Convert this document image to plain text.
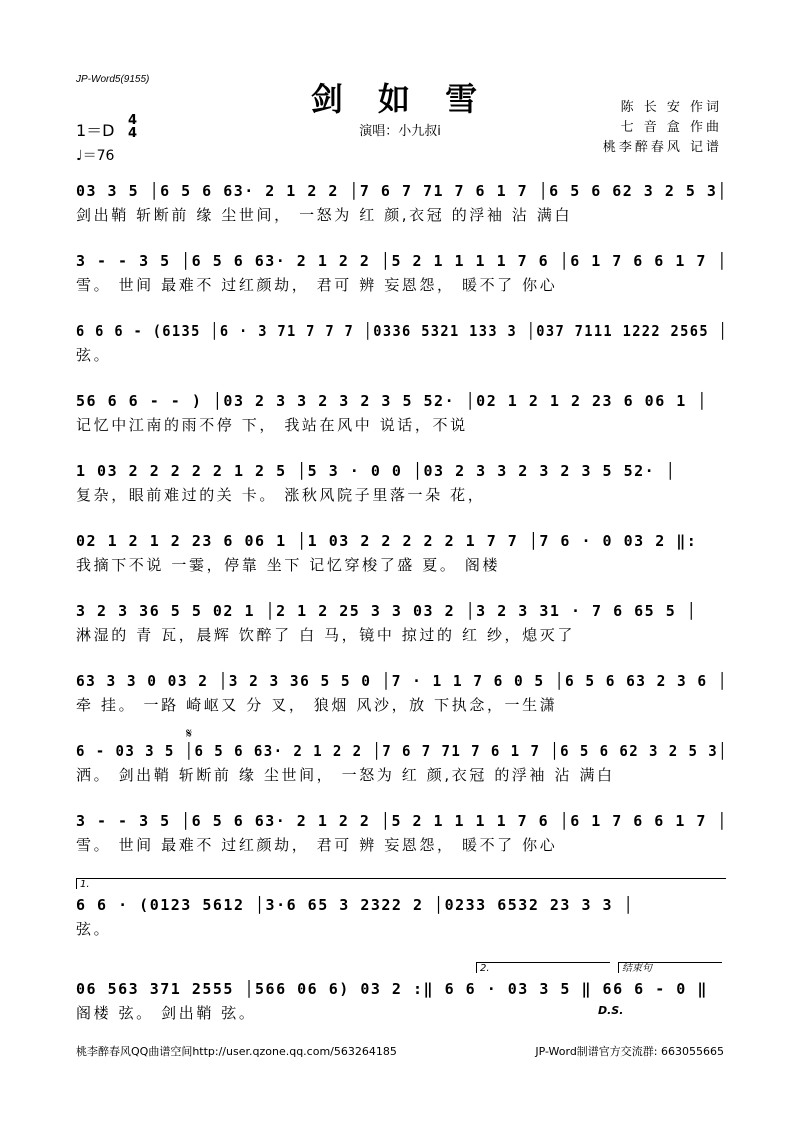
JP-Word5(9155)
剑 如 雪
演唱：小九叔i
1＝D
4
4
♩＝76
陈 长 安 作词
七 音 盒 作曲
桃李醉春风 记谱
03 3 5 │6 5 6 63· 2 1 2 2 │7 6 7 71 7 6 1 7 │6 5 6 62 3 2 5 3│
剑出鞘 斩断前 缘 尘世间， 一怒为 红 颜,衣冠 的浮袖 沾 满白
3 - - 3 5 │6 5 6 63· 2 1 2 2 │5 2 1 1 1 1 7 6 │6 1 7 6 6 1 7 │
雪。 世间 最难不 过红颜劫， 君可 辨 妄恩怨， 暖不了 你心
6 6 6 - (6135 │6 · 3 71 7 7 7 │0336 5321 133 3 │037 7111 1222 2565 │
弦。
56 6 6 - - ) │03 2 3 3 2 3 2 3 5 52· │02 1 2 1 2 23 6 06 1 │
记忆中江南的雨不停 下， 我站在风中 说话，不说
1 03 2 2 2 2 2 1 2 5 │5 3 · 0 0 │03 2 3 3 2 3 2 3 5 52· │
复杂，眼前难过的关 卡。 涨秋风院子里落一朵 花，
02 1 2 1 2 23 6 06 1 │1 03 2 2 2 2 2 1 7 7 │7 6 · 0 03 2 ‖:
我摘下不说 一霎，停靠 坐下 记忆穿梭了盛 夏。 阁楼
3 2 3 36 5 5 02 1 │2 1 2 25 3 3 03 2 │3 2 3 31 · 7 6 65 5 │
淋湿的 青 瓦，晨辉 饮醉了 白 马，镜中 掠过的 红 纱，熄灭了
63 3 3 0 03 2 │3 2 3 36 5 5 0 │7 · 1 1 7 6 0 5 │6 5 6 63 2 3 6 │
牵 挂。 一路 崎岖又 分 叉， 狼烟 风沙，放 下执念，一生潇
𝄋
6 - 03 3 5 │6 5 6 63· 2 1 2 2 │7 6 7 71 7 6 1 7 │6 5 6 62 3 2 5 3│
洒。 剑出鞘 斩断前 缘 尘世间， 一怒为 红 颜,衣冠 的浮袖 沾 满白
3 - - 3 5 │6 5 6 63· 2 1 2 2 │5 2 1 1 1 1 7 6 │6 1 7 6 6 1 7 │
雪。 世间 最难不 过红颜劫， 君可 辨 妄恩怨， 暖不了 你心
1.
6 6 · (0123 5612 │3·6 65 3 2322 2 │0233 6532 23 3 3 │
弦。
2.	结束句
06 563 371 2555 │566 06 6) 03 2 :‖ 6 6 · 03 3 5 ‖ 66 6 - 0 ‖
阁楼 弦。 剑出鞘 弦。	D.S.
桃李醉春风QQ曲谱空间http://user.qzone.qq.com/563264185	JP-Word制谱官方交流群: 663055665
